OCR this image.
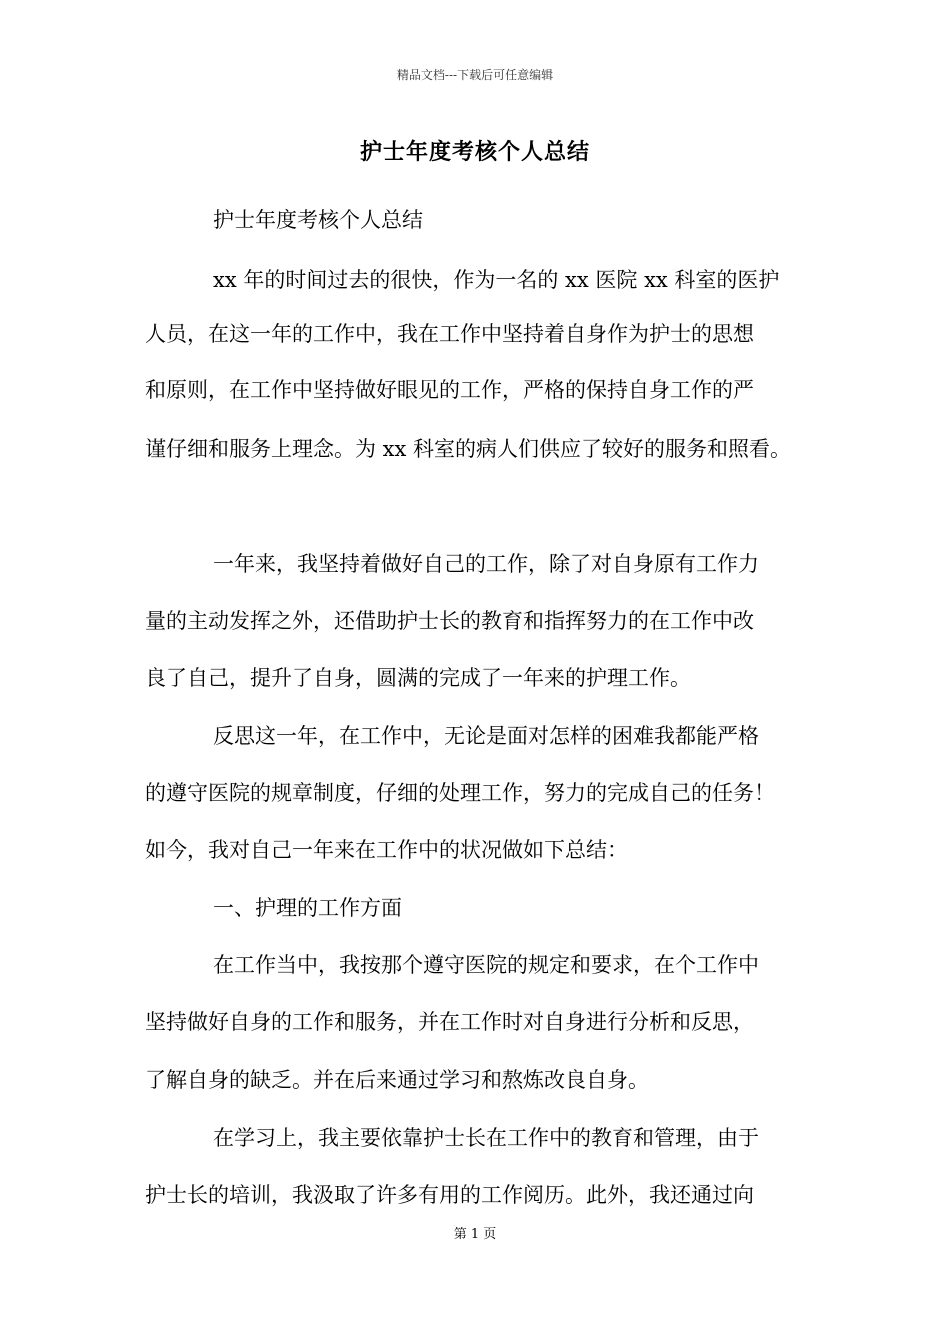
精品文档---下载后可任意编辑
护士年度考核个人总结
护士年度考核个人总结
xx 年的时间过去的很快，作为一名的 xx 医院 xx 科室的医护
人员，在这一年的工作中，我在工作中坚持着自身作为护士的思想
和原则，在工作中坚持做好眼见的工作，严格的保持自身工作的严
谨仔细和服务上理念。为 xx 科室的病人们供应了较好的服务和照看。
一年来，我坚持着做好自己的工作，除了对自身原有工作力
量的主动发挥之外，还借助护士长的教育和指挥努力的在工作中改
良了自己，提升了自身，圆满的完成了一年来的护理工作。
反思这一年，在工作中，无论是面对怎样的困难我都能严格
的遵守医院的规章制度，仔细的处理工作，努力的完成自己的任务！
如今，我对自己一年来在工作中的状况做如下总结：
一、护理的工作方面
在工作当中，我按那个遵守医院的规定和要求，在个工作中
坚持做好自身的工作和服务，并在工作时对自身进行分析和反思，
了解自身的缺乏。并在后来通过学习和熬炼改良自身。
在学习上，我主要依靠护士长在工作中的教育和管理，由于
护士长的培训，我汲取了许多有用的工作阅历。此外，我还通过向
第 1 页
